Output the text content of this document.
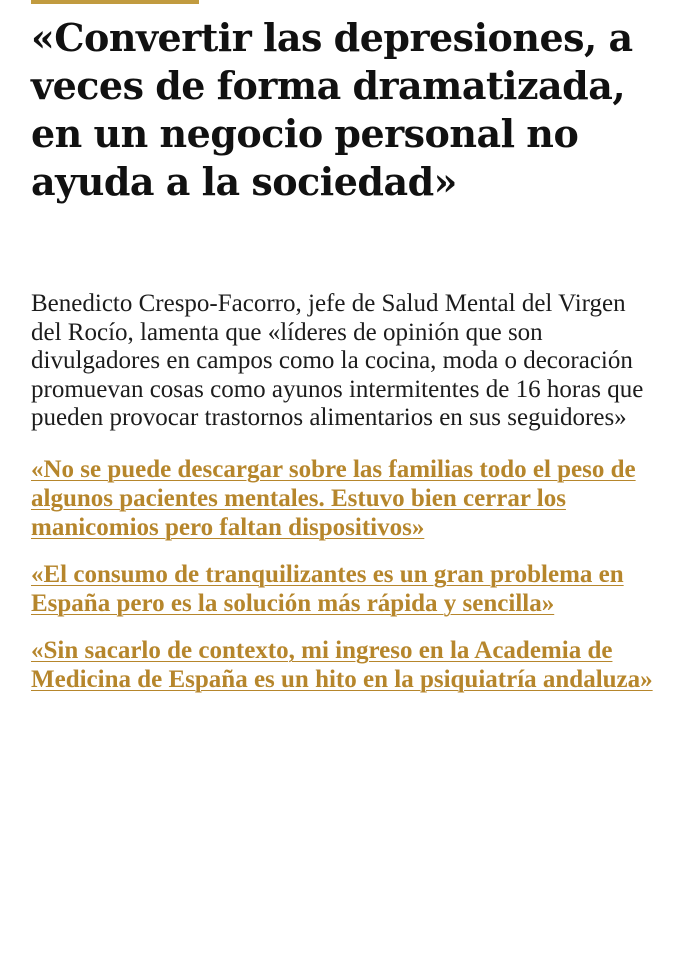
«Convertir las depresiones, a veces de forma dramatizada, en un negocio personal no ayuda a la sociedad»

Benedicto Crespo-Facorro, jefe de Salud Mental del Virgen del Rocío, lamenta que «líderes de opinión que son divulgadores en campos como la cocina, moda o decoración promuevan cosas como ayunos intermitentes de 16 horas que pueden provocar trastornos alimentarios en sus seguidores»

«No se puede descargar sobre las familias todo el peso de algunos pacientes mentales. Estuvo bien cerrar los manicomios pero faltan dispositivos»
«El consumo de tranquilizantes es un gran problema en España pero es la solución más rápida y sencilla»
«Sin sacarlo de contexto, mi ingreso en la Academia de Medicina de España es un hito en la psiquiatría andaluza»
